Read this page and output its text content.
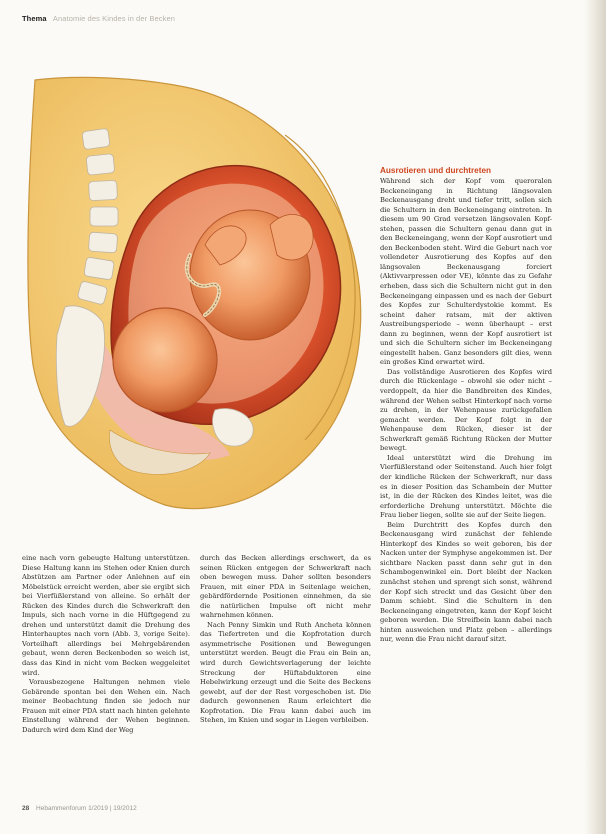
Thema Anatomie des Kindes in der Becken

eine nach vorn gebeugte Haltung unterstützen. Diese Haltung kann im Stehen oder Knien durch Abstützen am Partner oder Anlehnen auf ein Möbelstück erreicht werden, aber sie ergibt sich bei Vierfüßlerstand von alleine. So erhält der Rücken des Kindes durch die Schwerkraft den Impuls, sich nach vorne in die Hüftgegend zu drehen und unterstützt damit die Drehung des Hinterhauptes nach vorn (Abb. 3, vorige Seite). Vorteilhaft allerdings bei Mehrgebärenden gebaut, wenn deren Beckenboden so weich ist, dass das Kind in nicht vom Becken weggeleitet wird.

Vorausbezogene Haltungen nehmen viele Gebärende spontan bei den Wehen ein. Nach meiner Beobachtung finden sie jedoch nur Frauen mit einer PDA statt nach hinten gelehnte Einstellung während der Wehen beginnen. Dadurch wird dem Kind der Weg

durch das Becken allerdings erschwert, da es seinen Rücken entgegen der Schwerkraft nach oben bewegen muss. Daher sollten besonders Frauen, mit einer PDA in Seitenlage weichen, gebärdfördernde Positionen einnehmen, da sie die natürlichen Impulse oft nicht mehr wahrnehmen können.

Nach Penny Simkin und Ruth Ancheta können das Tiefertreten und die Kopfrotation durch asymmetrische Positionen und Bewegungen unterstützt werden. Beugt die Frau ein Bein an, wird durch Gewichtsverlagerung der leichte Streckung der Hüftabduktoren eine Hebelwirkung erzeugt und die Seite des Beckens gewebt, auf der der Rest vorgeschoben ist. Die dadurch gewonnenen Raum erleichtert die Kopfrotation. Die Frau kann dabei auch im Stehen, im Knien und sogar in Liegen verbleiben.

Ausrotieren und durchtreten

Während sich der Kopf vom queroralen Beckeneingang in Richtung längsovalen Beckenausgang dreht und tiefer tritt, sollen sich die Schultern in den Beckeneingang eintreten. In diesem um 90 Grad versetzen längsovalen Kopf-stehen, passen die Schultern genau dann gut in den Beckeneingang, wenn der Kopf ausrotiert und den Beckenboden steht. Wird die Geburt nach vor vollendeter Ausrotierung des Kopfes auf den längsovalen Beckenausgang forciert (Aktivvarpressen oder VE), könnte das zu Gefahr erheben, dass sich die Schultern nicht gut in den Beckeneingang einpassen und es nach der Geburt des Kopfes zur Schulterdystokie kommt. Es scheint daher ratsam, mit der aktiven Austreibungsperiode – wenn überhaupt – erst dann zu beginnen, wenn der Kopf ausrotiert ist und sich die Schultern sicher im Beckeneingang eingestellt haben. Ganz besonders gilt dies, wenn ein großes Kind erwartet wird.

Das vollständige Ausrotieren des Kopfes wird durch die Rückenlage – obwohl sie oder nicht – verdoppelt, da hier die Bandbreiten des Kindes, während der Wehen selbst Hinterkopf nach vorne zu drehen, in der Wehenpause zurückgefallen gemacht werden. Der Kopf folgt in der Wehenpause dem Rücken, dieser ist der Schwerkraft gemäß Richtung Rücken der Mutter bewegt.

Ideal unterstützt wird die Drehung im Vierfüßlerstand oder Seitenstand. Auch hier folgt der kindliche Rücken der Schwerkraft, nur dass es in dieser Position das Schambein der Mutter ist, in die der Rücken des Kindes leitet, was die erforderliche Drehung unterstützt. Möchte die Frau lieber liegen, sollte sie auf der Seite liegen.

Beim Durchtritt des Kopfes durch den Beckenausgang wird zunächst der fehlende Hinterkopf des Kindes so weit geboren, bis der Nacken unter der Symphyse angekommen ist. Der sichtbare Nacken passt dann sehr gut in den Schambogenwinkel ein. Dort bleibt der Nacken zunächst stehen und sprengt sich sonst, während der Kopf sich streckt und das Gesicht über den Damm schiebt. Sind die Schultern in den Beckeneingang eingetreten, kann der Kopf leicht geboren werden. Die Streifbein kann dabei nach hinten ausweichen und Platz geben – allerdings nur, wenn die Frau nicht darauf sitzt.

28 Hebammenforum 1/2019 | 19/2012
